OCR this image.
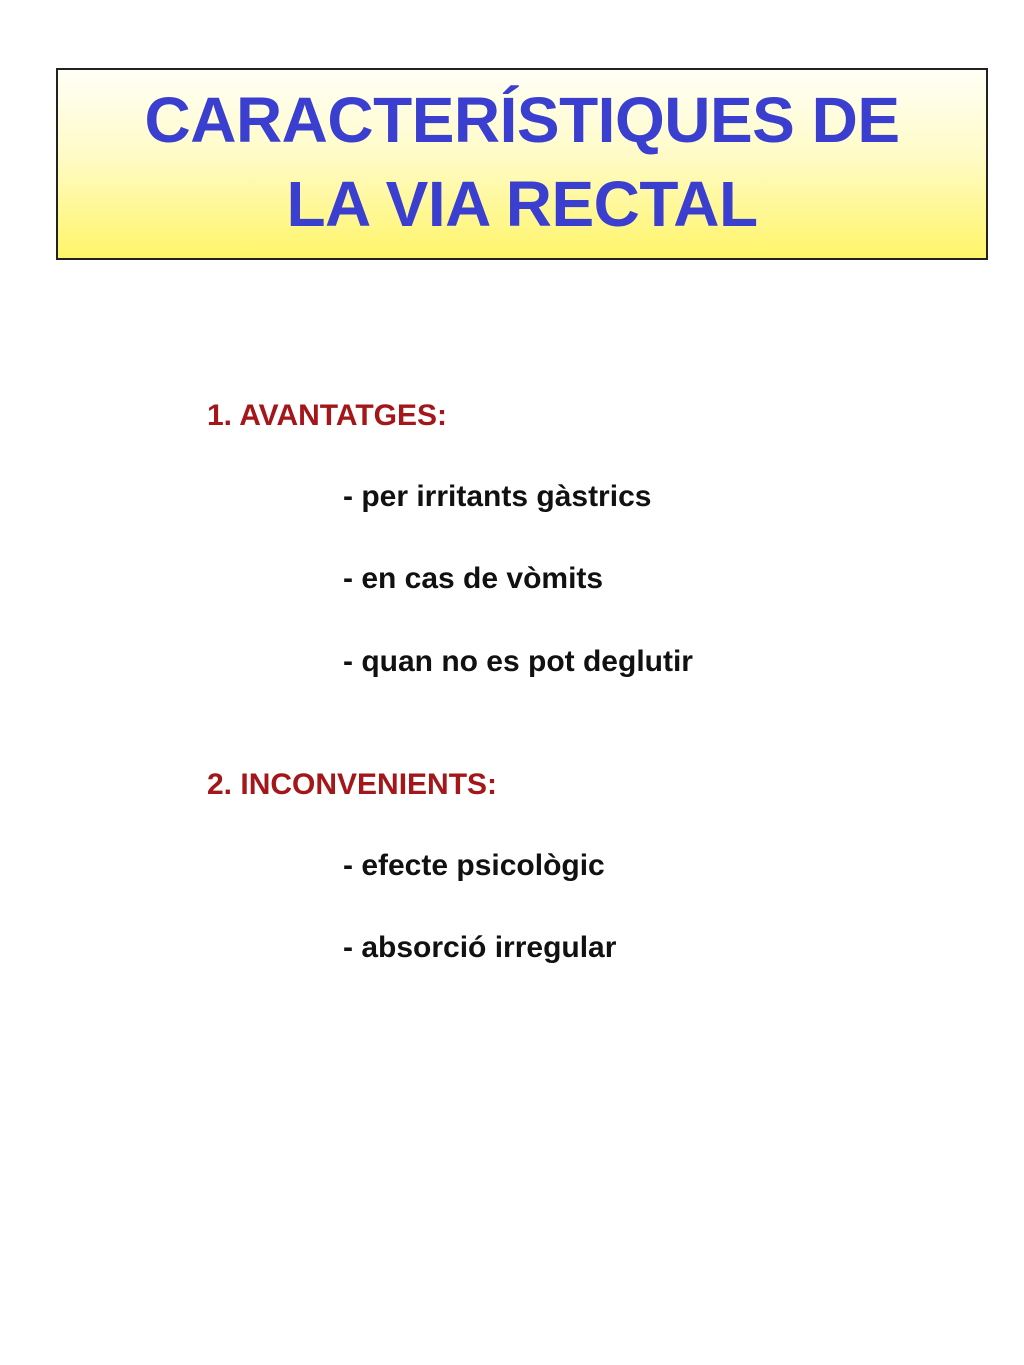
CARACTERÍSTIQUES DE
LA VIA RECTAL
1. AVANTATGES:
- per irritants gàstrics
- en cas de vòmits
- quan no es pot deglutir
2. INCONVENIENTS:
- efecte psicològic
- absorció irregular
